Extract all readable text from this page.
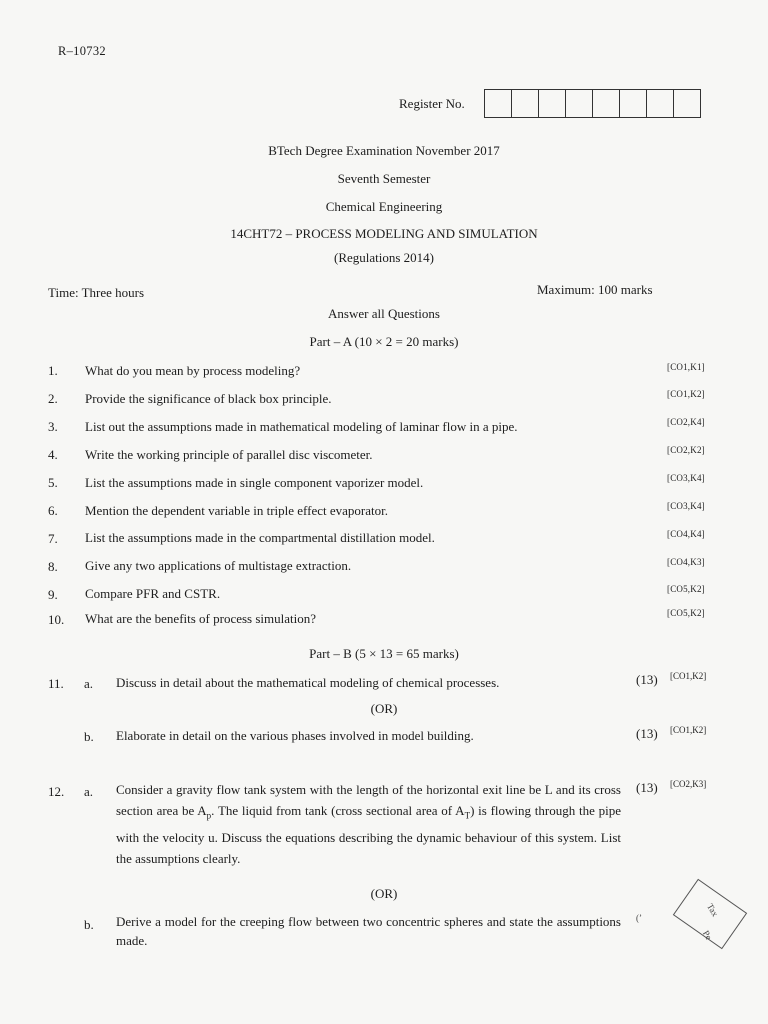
R–10732
Register No.
BTech Degree Examination November 2017
Seventh Semester
Chemical Engineering
14CHT72 – PROCESS MODELING AND SIMULATION
(Regulations 2014)
Time: Three hours	Maximum: 100 marks
Answer all Questions
Part – A (10 × 2 = 20 marks)
1. What do you mean by process modeling?	[CO1,K1]
2. Provide the significance of black box principle.	[CO1,K2]
3. List out the assumptions made in mathematical modeling of laminar flow in a pipe.	[CO2,K4]
4. Write the working principle of parallel disc viscometer.	[CO2,K2]
5. List the assumptions made in single component vaporizer model.	[CO3,K4]
6. Mention the dependent variable in triple effect evaporator.	[CO3,K4]
7. List the assumptions made in the compartmental distillation model.	[CO4,K4]
8. Give any two applications of multistage extraction.	[CO4,K3]
9. Compare PFR and CSTR.	[CO5,K2]
10. What are the benefits of process simulation?	[CO5,K2]
Part – B (5 × 13 = 65 marks)
11. a. Discuss in detail about the mathematical modeling of chemical processes.	(13) [CO1,K2]
(OR)
b. Elaborate in detail on the various phases involved in model building.	(13) [CO1,K2]
12. a. Consider a gravity flow tank system with the length of the horizontal exit line be L and its cross section area be $A_p$. The liquid from tank (cross sectional area of $A_T$) is flowing through the pipe with the velocity u. Discuss the equations describing the dynamic behaviour of this system. List the assumptions clearly.
(13) [CO2,K3]
(OR)
b. Derive a model for the creeping flow between two concentric spheres and state the assumptions made.
(’	Tax
Pe
